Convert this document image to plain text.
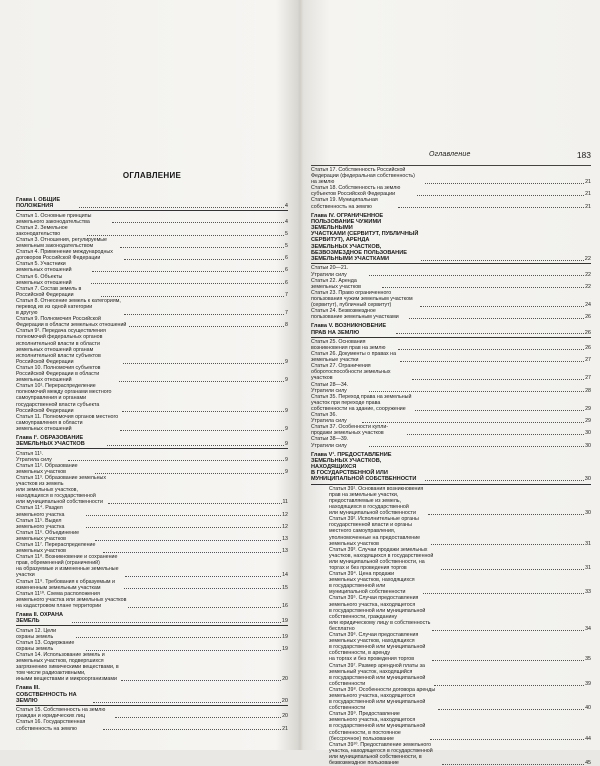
ОГЛАВЛЕНИЕ
Глава I. ОБЩИЕ ПОЛОЖЕНИЯ	4
Статья 1. Основные принципы земельного законодательства	4
Статья 2. Земельное законодательство	5
Статья 3. Отношения, регулируемые земельным законодательством	5
Статья 4. Применение международных договоров Российской Федерации	6
Статья 5. Участники земельных отношений	6
Статья 6. Объекты земельных отношений	6
Статья 7. Состав земель в Российской Федерации	7
Статья 8. Отнесение земель к категориям, перевод их из одной категории
в другую	7
Статья 9. Полномочия Российской Федерации в области земельных отношений	8
Статья 9¹. Передача осуществления полномочий федеральных органов
исполнительной власти в области земельных отношений органам
исполнительной власти субъектов Российской Федерации	9
Статья 10. Полномочия субъектов Российской Федерации в области
земельных отношений	9
Статья 10¹. Перераспределение полномочий между органами местного
самоуправления и органами государственной власти субъекта
Российской Федерации	9
Статья 11. Полномочия органов местного самоуправления в области
земельных отношений	9
Глава I¹. ОБРАЗОВАНИЕ ЗЕМЕЛЬНЫХ УЧАСТКОВ	9
Статья 11¹. Утратила силу	9
Статья 11². Образование земельных участков	9
Статья 11³. Образование земельных участков из земель
или земельных участков, находящихся в государственной
или муниципальной собственности	11
Статья 11⁴. Раздел земельного участка	12
Статья 11⁵. Выдел земельного участка	12
Статья 11⁶. Объединение земельных участков	13
Статья 11⁷. Перераспределение земельных участков	13
Статья 11⁸. Возникновение и сохранение прав, обременений (ограничений)
на образуемые и измененные земельные участки	14
Статья 11⁹. Требования к образуемым и измененным земельным участкам	15
Статья 11¹⁰. Схема расположения земельного участка или земельных участков
на кадастровом плане территории	16
Глава II. ОХРАНА ЗЕМЕЛЬ	19
Статья 12. Цели охраны земель	19
Статья 13. Содержание охраны земель	19
Статья 14. Использование земель и земельных участков, подвергшихся
загрязнению химическими веществами, в том числе радиоактивными,
иными веществами и микроорганизмами	20
Глава III. СОБСТВЕННОСТЬ НА ЗЕМЛЮ	20
Статья 15. Собственность на землю граждан и юридических лиц	20
Статья 16. Государственная собственность на землю	21
Оглавление	183
Статья 17. Собственность Российской Федерации (федеральная собственность)
на землю	21
Статья 18. Собственность на землю субъектов Российской Федерации	21
Статья 19. Муниципальная собственность на землю	21
Глава IV. ОГРАНИЧЕННОЕ ПОЛЬЗОВАНИЕ ЧУЖИМИ ЗЕМЕЛЬНЫМИ
УЧАСТКАМИ (СЕРВИТУТ, ПУБЛИЧНЫЙ СЕРВИТУТ), АРЕНДА
ЗЕМЕЛЬНЫХ УЧАСТКОВ, БЕЗВОЗМЕЗДНОЕ ПОЛЬЗОВАНИЕ
ЗЕМЕЛЬНЫМИ УЧАСТКАМИ	22
Статьи 20—21. Утратили силу	22
Статья 22. Аренда земельных участков	22
Статья 23. Право ограниченного пользования чужим земельным участком
(сервитут), публичный сервитут)	24
Статья 24. Безвозмездное пользование земельным участками	26
Глава V. ВОЗНИКНОВЕНИЕ ПРАВ НА ЗЕМЛЮ	26
Статья 25. Основания возникновения прав на землю	26
Статья 26. Документы о правах на земельные участки	27
Статья 27. Ограничения оборотоспособности земельных участков	27
Статьи 28—34. Утратили силу	28
Статья 35. Переход права на земельный участок при переходе права
собственности на здание, сооружение	29
Статья 36. Утратила силу	29
Статья 37. Особенности купли-продажи земельных участков	30
Статьи 38—39. Утратили силу	30
Глава V¹. ПРЕДОСТАВЛЕНИЕ ЗЕМЕЛЬНЫХ УЧАСТКОВ, НАХОДЯЩИХСЯ
В ГОСУДАРСТВЕННОЙ ИЛИ МУНИЦИПАЛЬНОЙ СОБСТВЕННОСТИ	30
Статья 39¹. Основания возникновения прав на земельные участки,
предоставляемые из земель, находящихся в государственной
или муниципальной собственности	30
Статья 39². Исполнительные органы государственной власти и органы
местного самоуправления, уполномоченные на предоставление
земельных участков	31
Статья 39³. Случаи продажи земельных участков, находящихся в государственной
или муниципальной собственности, на торгах и без проведения торгов	31
Статья 39⁴. Цена продажи земельных участков, находящихся
в государственной или муниципальной собственности	33
Статья 39⁵. Случаи предоставления земельного участка, находящегося
в государственной или муниципальной собственности, гражданину
или юридическому лицу в собственность бесплатно	34
Статья 39⁶. Случаи предоставления земельных участков, находящихся
в государственной или муниципальной собственности, в аренду
на торгах и без проведения торгов	35
Статья 39⁷. Размер арендной платы за земельный участок, находящийся
в государственной или муниципальной собственности	39
Статья 39⁸. Особенности договора аренды земельного участка, находящегося
в государственной или муниципальной собственности	40
Статья 39⁹. Предоставление земельного участка, находящегося
в государственной или муниципальной собственности, в постоянное
(бессрочное) пользование	44
Статья 39¹⁰. Предоставление земельного участка, находящегося в государственной
или муниципальной собственности, в безвозмездное пользование	45
